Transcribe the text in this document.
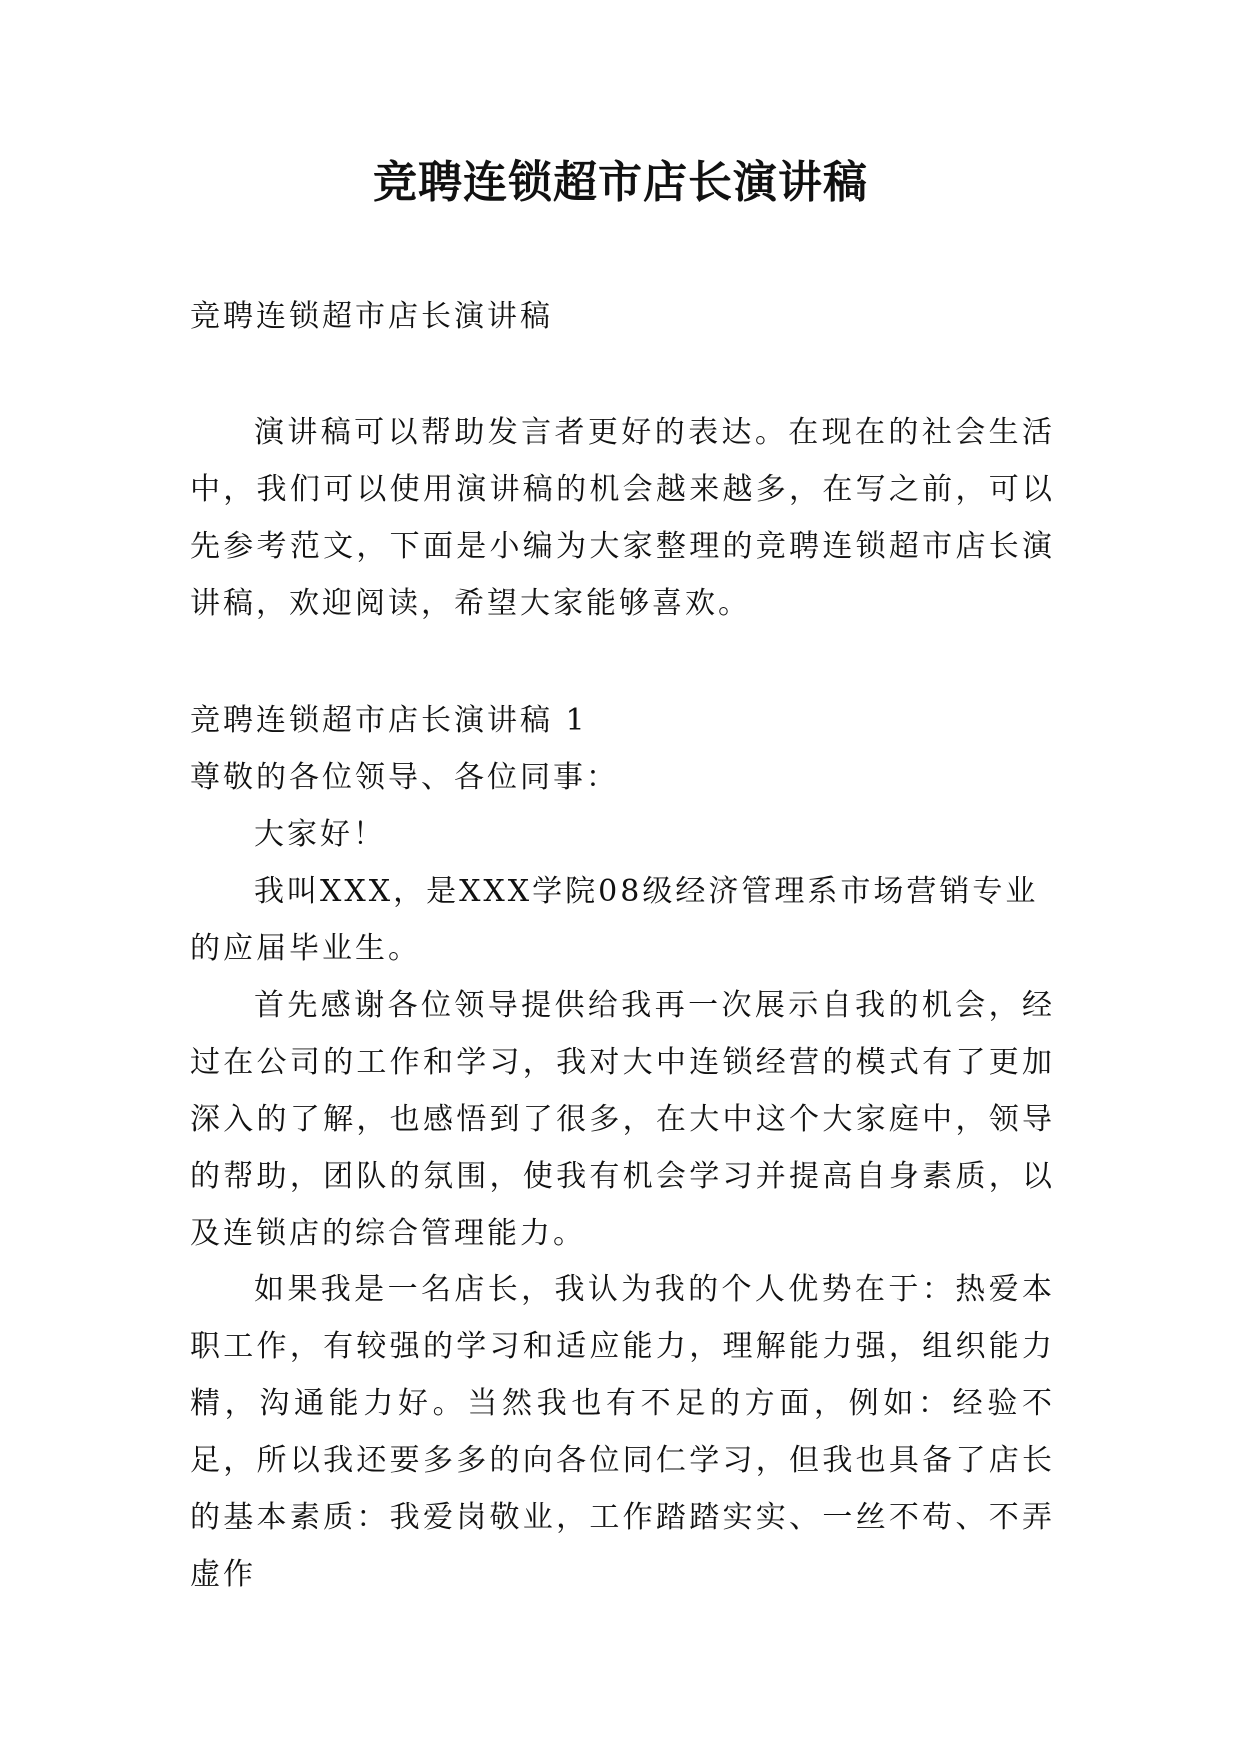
竞聘连锁超市店长演讲稿

竞聘连锁超市店长演讲稿

演讲稿可以帮助发言者更好的表达。在现在的社会生活中，我们可以使用演讲稿的机会越来越多，在写之前，可以先参考范文，下面是小编为大家整理的竞聘连锁超市店长演讲稿，欢迎阅读，希望大家能够喜欢。

竞聘连锁超市店长演讲稿 1

尊敬的各位领导、各位同事：

大家好！

我叫XXX，是XXX学院08级经济管理系市场营销专业的应届毕业生。

首先感谢各位领导提供给我再一次展示自我的机会，经过在公司的工作和学习，我对大中连锁经营的模式有了更加深入的了解，也感悟到了很多，在大中这个大家庭中，领导的帮助，团队的氛围，使我有机会学习并提高自身素质，以及连锁店的综合管理能力。

如果我是一名店长，我认为我的个人优势在于：热爱本职工作，有较强的学习和适应能力，理解能力强，组织能力精，沟通能力好。当然我也有不足的方面，例如：经验不足，所以我还要多多的向各位同仁学习，但我也具备了店长的基本素质：我爱岗敬业，工作踏踏实实、一丝不苟、不弄虚作
